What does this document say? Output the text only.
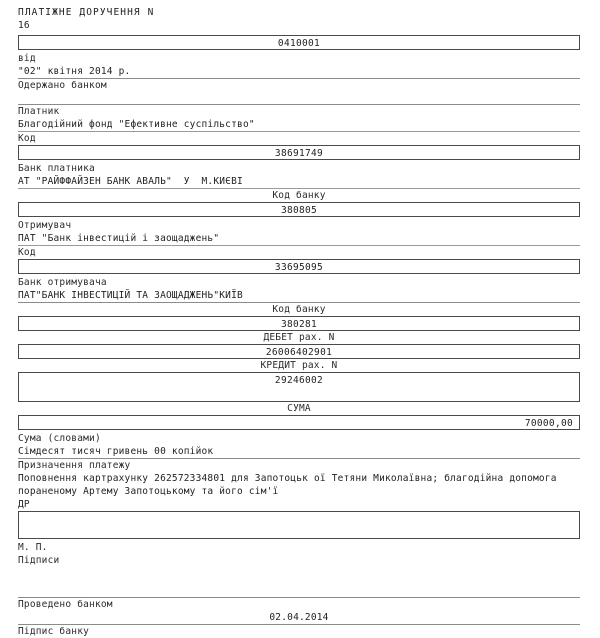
ПЛАТІЖНЕ ДОРУЧЕННЯ N
16
0410001
від
"02" квітня 2014 р.
Одержано банком
Платник
Благодійний фонд "Ефективне суспільство"
Код
38691749
Банк платника
АТ "РАЙФФАЙЗЕН БАНК АВАЛЬ"  У  М.КИЄВІ
Код банку
380805
Отримувач
ПАТ "Банк інвестицій і заощаджень"
Код
33695095
Банк отримувача
ПАТ"БАНК ІНВЕСТИЦІЙ ТА ЗАОЩАДЖЕНЬ"КИЇВ
Код банку
380281
ДЕБЕТ рах. N
26006402901
КРЕДИТ рах. N
29246002
СУМА
70000,00
Сума (словами)
Сімдесят тисяч гривень 00 копійок
Призначення платежу
Поповнення картрахунку 262572334801 для Запотоцьк ої Тетяни Миколаївна; благодійна допомога
пораненому Артему Запотоцькому та його сім'ї
ДР
М. П.
Підписи
Проведено банком
02.04.2014
Підпис банку
